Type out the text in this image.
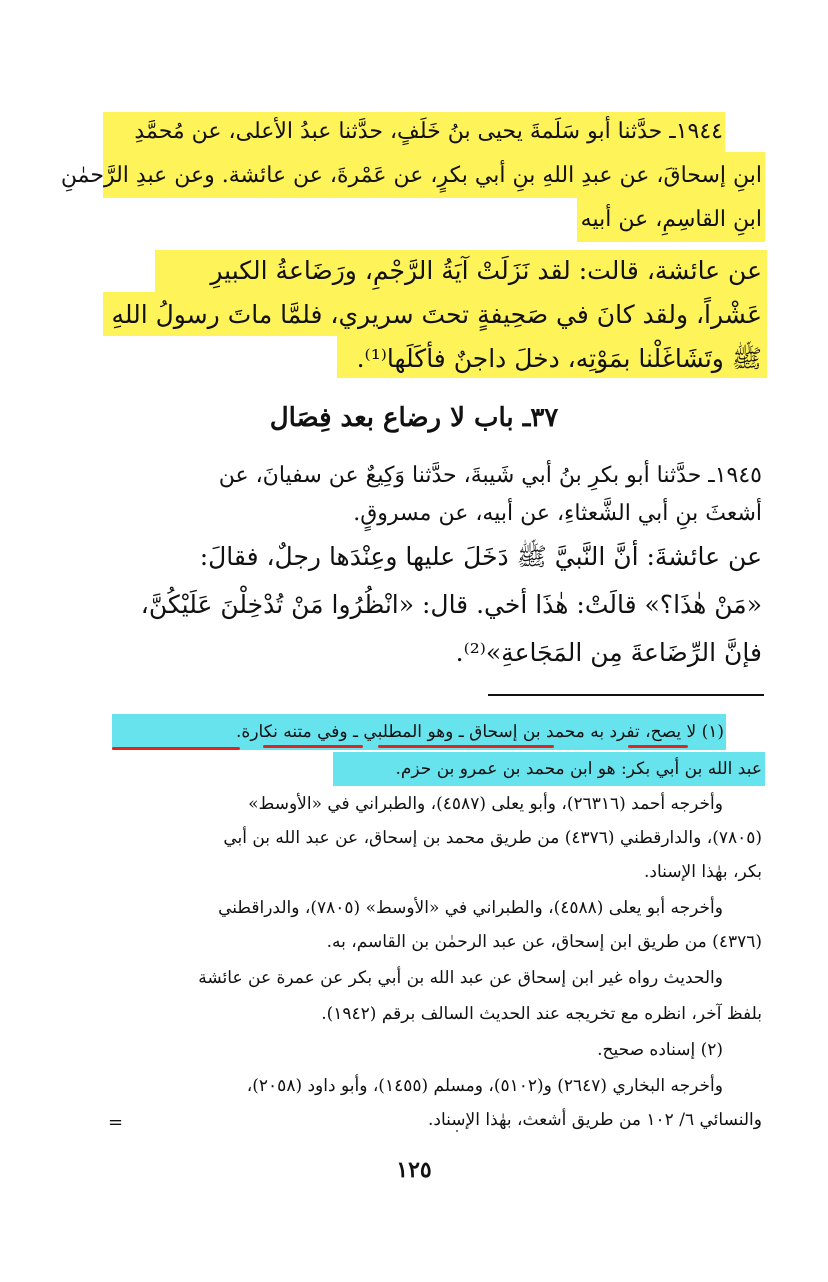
١٩٤٤ـ حدَّثنا أبو سَلَمةَ يحيى بنُ خَلَفٍ، حدَّثنا عبدُ الأعلى، عن مُحمَّدِ
ابنِ إسحاقَ، عن عبدِ اللهِ بنِ أبي بكرٍ، عن عَمْرةَ، عن عائشة. وعن عبدِ الرَّحمٰنِ
ابنِ القاسِمِ، عن أبيه
عن عائشة، قالت: لقد نَزَلَتْ آيَةُ الرَّجْمِ، ورَضَاعةُ الكبيرِ
عَشْراً، ولقد كانَ في صَحِيفةٍ تحتَ سريري، فلمَّا ماتَ رسولُ اللهِ
ﷺ وتَشَاغَلْنا بمَوْتِه، دخلَ داجنٌ فأكَلَها⁽¹⁾.
٣٧ـ باب لا رضاع بعد فِصَال
١٩٤٥ـ حدَّثنا أبو بكرِ بنُ أبي شَيبةَ، حدَّثنا وَكِيعٌ عن سفيانَ، عن
أشعثَ بنِ أبي الشَّعثاءِ، عن أبيه، عن مسروقٍ.
عن عائشةَ: أنَّ النَّبيَّ ﷺ دَخَلَ عليها وعِنْدَها رجلٌ، فقالَ:
«مَنْ هٰذَا؟» قالَتْ: هٰذَا أخي. قال: «انْظُرُوا مَنْ تُدْخِلْنَ عَلَيْكُنَّ،
فإنَّ الرِّضَاعةَ مِن المَجَاعةِ»⁽²⁾.
(١) لا يصح، تفرد به محمد بن إسحاق ـ وهو المطلبي ـ وفي متنه نكارة.
عبد الله بن أبي بكر: هو ابن محمد بن عمرو بن حزم.
وأخرجه أحمد (٢٦٣١٦)، وأبو يعلى (٤٥٨٧)، والطبراني في «الأوسط»
(٧٨٠٥)، والدارقطني (٤٣٧٦) من طريق محمد بن إسحاق، عن عبد الله بن أبي
بكر، بهٰذا الإسناد.
وأخرجه أبو يعلى (٤٥٨٨)، والطبراني في «الأوسط» (٧٨٠٥)، والدراقطني
(٤٣٧٦) من طريق ابن إسحاق، عن عبد الرحمٰن بن القاسم، به.
والحديث رواه غير ابن إسحاق عن عبد الله بن أبي بكر عن عمرة عن عائشة
بلفظ آخر، انظره مع تخريجه عند الحديث السالف برقم (١٩٤٢).
(٢) إسناده صحيح.
وأخرجه البخاري (٢٦٤٧) و(٥١٠٢)، ومسلم (١٤٥٥)، وأبو داود (٢٠٥٨)،
والنسائي ٦/ ١٠٢ من طريق أشعث، بهٰذا الإسناد.
=
١٢٥
